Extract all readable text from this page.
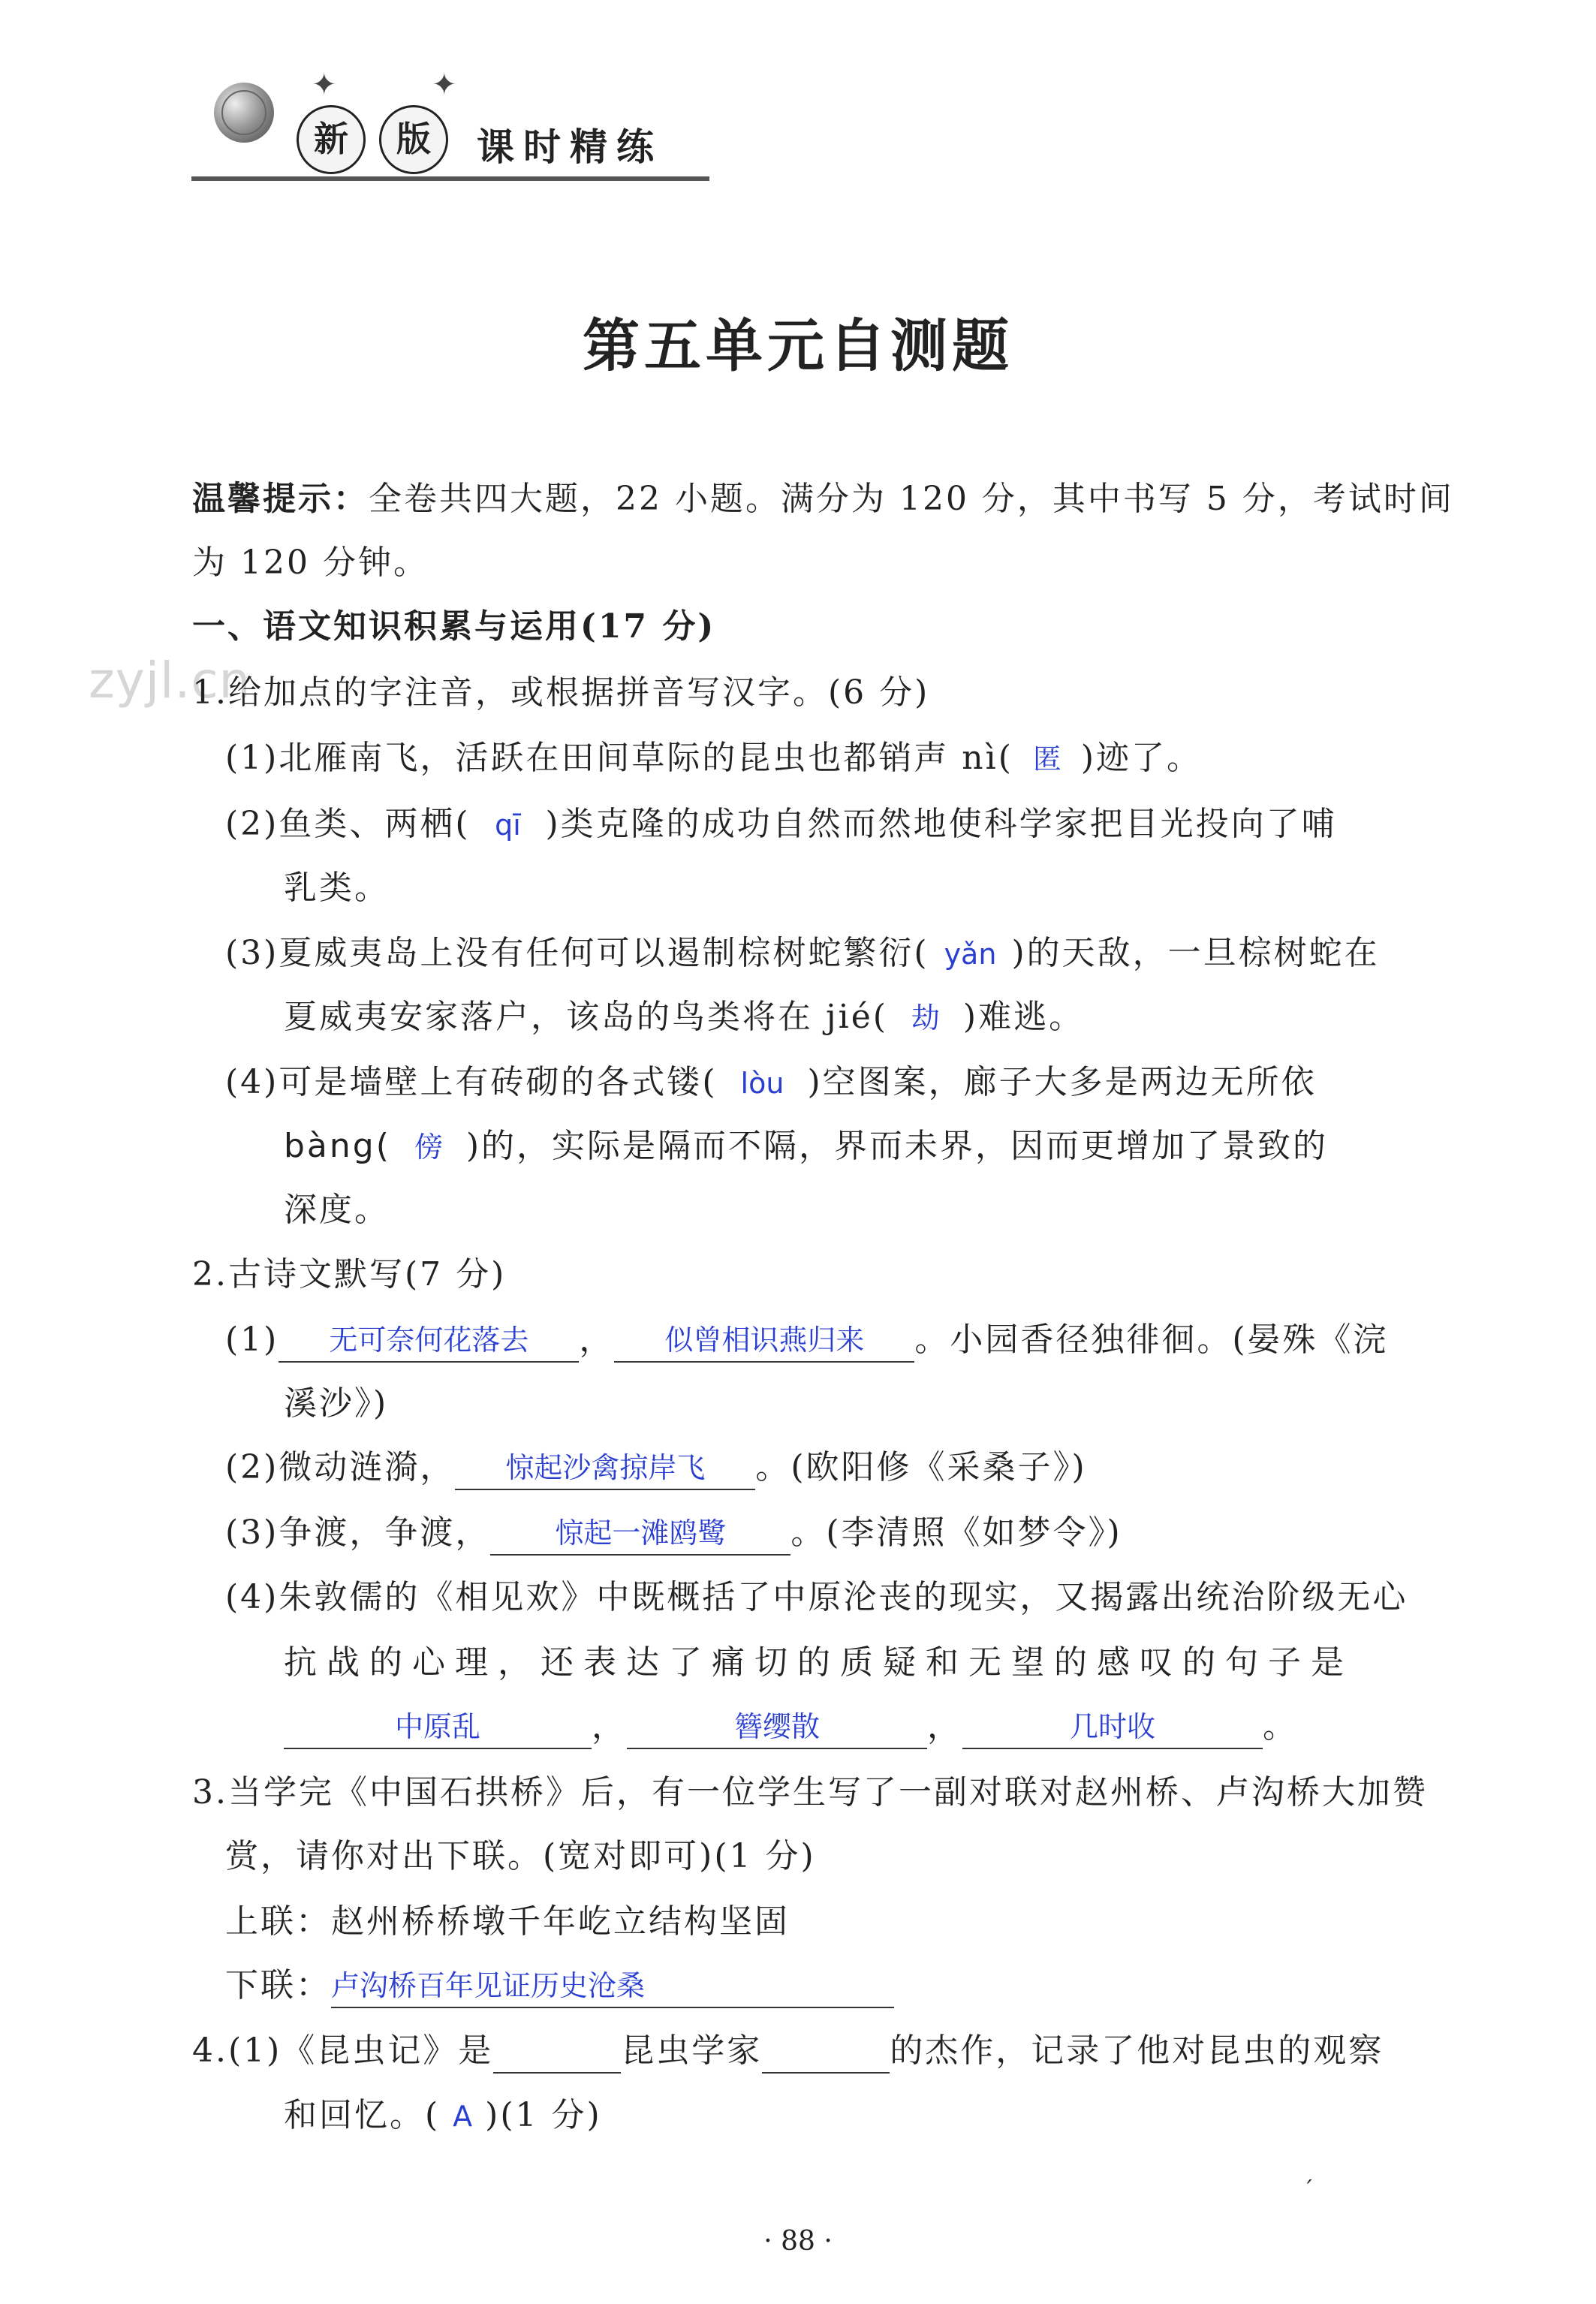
✦	✦
新	版	课时精练
zyjl.cn
第五单元自测题
温馨提示：全卷共四大题，22 小题。满分为 120 分，其中书写 5 分，考试时间
为 120 分钟。
一、语文知识积累与运用(17 分)
1.给加点的字注音，或根据拼音写汉字。(6 分)
(1)北雁南飞，活跃在田间草际的昆虫也都销声 nì( 匿 )迹了。
(2)鱼类、两栖( qī )类克隆的成功自然而然地使科学家把目光投向了哺
乳类。
(3)夏威夷岛上没有任何可以遏制棕树蛇繁衍( yǎn )的天敌，一旦棕树蛇在
夏威夷安家落户，该岛的鸟类将在 jié( 劫 )难逃。
(4)可是墙壁上有砖砌的各式镂( lòu )空图案，廊子大多是两边无所依
bàng( 傍 )的，实际是隔而不隔，界而未界，因而更增加了景致的
深度。
2.古诗文默写(7 分)
(1) 无可奈何花落去 ， 似曾相识燕归来 。小园香径独徘徊。(晏殊《浣
溪沙》)
(2)微动涟漪， 惊起沙禽掠岸飞 。(欧阳修《采桑子》)
(3)争渡，争渡， 惊起一滩鸥鹭 。(李清照《如梦令》)
(4)朱敦儒的《相见欢》中既概括了中原沦丧的现实，又揭露出统治阶级无心
抗战的心理，还表达了痛切的质疑和无望的感叹的句子是
中原乱	，	簪缨散	，	几时收	。
3.当学完《中国石拱桥》后，有一位学生写了一副对联对赵州桥、卢沟桥大加赞
赏，请你对出下联。(宽对即可)(1 分)
上联：赵州桥桥墩千年屹立结构坚固
下联：卢沟桥百年见证历史沧桑
4.(1)《昆虫记》是	昆虫学家	的杰作，记录了他对昆虫的观察
和回忆。( A )(1 分)
ˊ
· 88 ·
